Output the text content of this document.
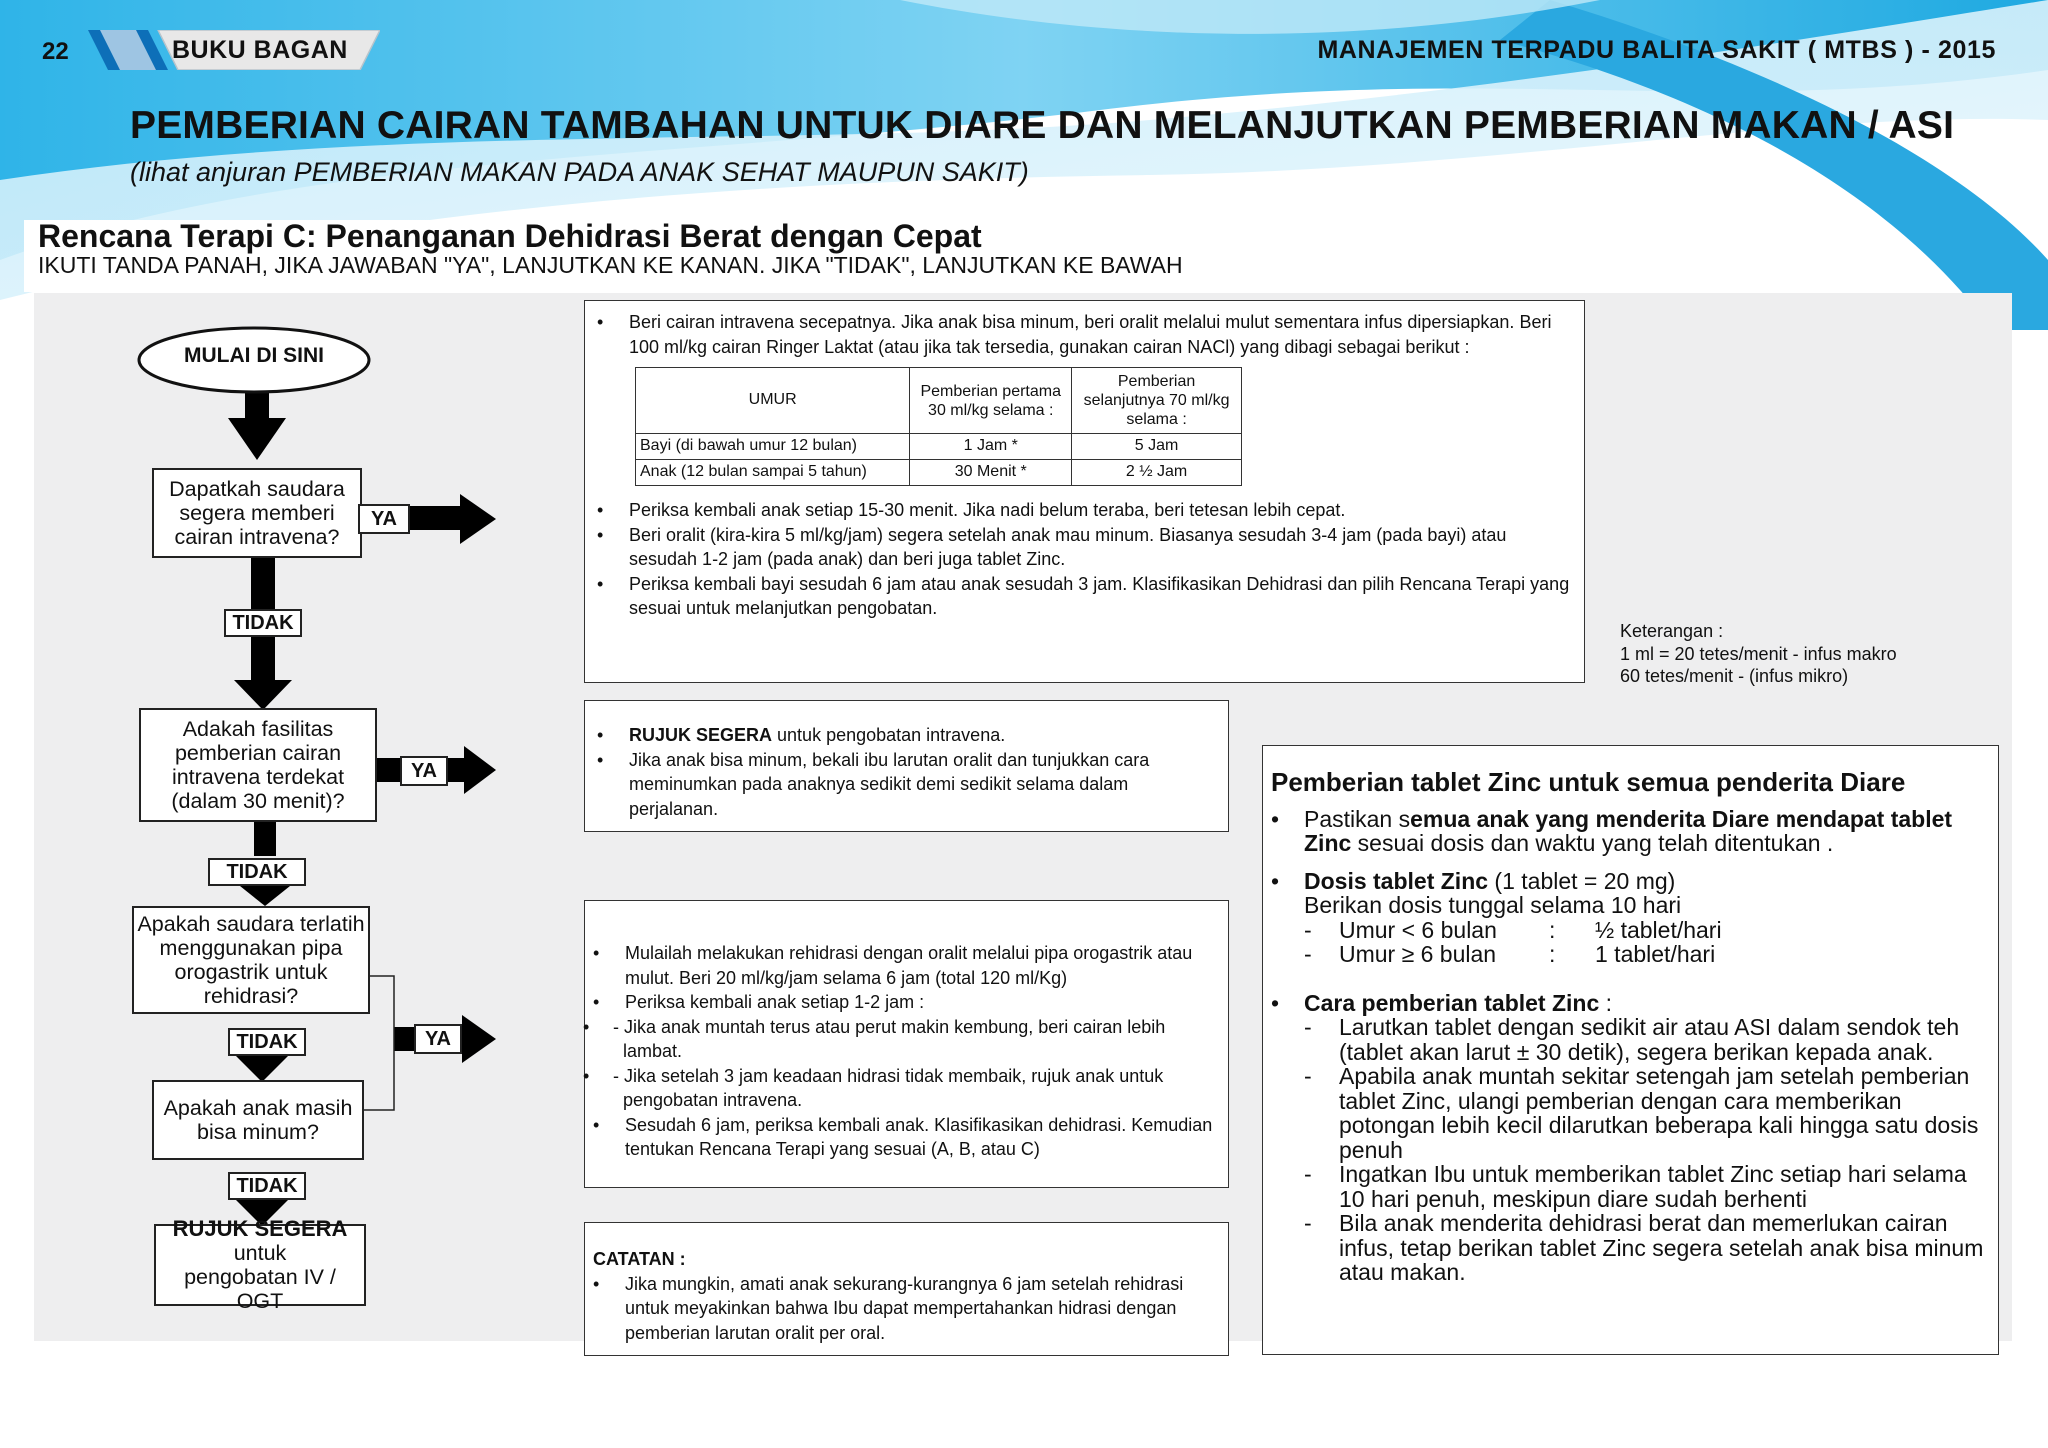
22	BUKU BAGAN	MANAJEMEN TERPADU BALITA SAKIT ( MTBS ) - 2015
PEMBERIAN CAIRAN TAMBAHAN UNTUK DIARE DAN MELANJUTKAN PEMBERIAN MAKAN / ASI
(lihat anjuran PEMBERIAN MAKAN PADA ANAK SEHAT MAUPUN SAKIT)
Rencana Terapi C: Penanganan Dehidrasi Berat dengan Cepat
IKUTI TANDA PANAH, JIKA JAWABAN "YA", LANJUTKAN KE KANAN. JIKA "TIDAK", LANJUTKAN KE BAWAH
MULAI DI SINI
Dapatkah saudara segera memberi cairan intravena?
Adakah fasilitas pemberian cairan intravena terdekat (dalam 30 menit)?
Apakah saudara terlatih menggunakan pipa orogastrik untuk rehidrasi?
Apakah anak masih bisa minum?
RUJUK SEGERA
untuk pengobatan IV / OGT
YA
TIDAK
YA
TIDAK
YA
TIDAK
TIDAK
• Beri cairan intravena secepatnya. Jika anak bisa minum, beri oralit melalui mulut sementara infus dipersiapkan. Beri 100 ml/kg cairan Ringer Laktat (atau jika tak tersedia, gunakan cairan NACl) yang dibagi sebagai berikut :
UMUR	Pemberian pertama 30 ml/kg selama :	Pemberian selanjutnya 70 ml/kg selama :
Bayi (di bawah umur 12 bulan)	1 Jam *	5 Jam
Anak (12 bulan sampai 5 tahun)	30 Menit *	2 ½ Jam
• Periksa kembali anak setiap 15-30 menit. Jika nadi belum teraba, beri tetesan lebih cepat.
• Beri oralit (kira-kira 5 ml/kg/jam) segera setelah anak mau minum. Biasanya sesudah 3-4 jam (pada bayi) atau sesudah 1-2 jam (pada anak) dan beri juga tablet Zinc.
• Periksa kembali bayi sesudah 6 jam atau anak sesudah 3 jam. Klasifikasikan Dehidrasi dan pilih Rencana Terapi yang sesuai untuk melanjutkan pengobatan.
Keterangan :
1 ml = 20 tetes/menit - infus makro
60 tetes/menit - (infus mikro)
• RUJUK SEGERA untuk pengobatan intravena.
• Jika anak bisa minum, bekali ibu larutan oralit dan tunjukkan cara meminumkan pada anaknya sedikit demi sedikit selama dalam perjalanan.
• Mulailah melakukan rehidrasi dengan oralit melalui pipa orogastrik atau mulut. Beri 20 ml/kg/jam selama 6 jam (total 120 ml/Kg)
• Periksa kembali anak setiap 1-2 jam :
• - Jika anak muntah terus atau perut makin kembung, beri cairan lebih lambat.
• - Jika setelah 3 jam keadaan hidrasi tidak membaik, rujuk anak untuk pengobatan intravena.
• Sesudah 6 jam, periksa kembali anak. Klasifikasikan dehidrasi. Kemudian tentukan Rencana Terapi yang sesuai (A, B, atau C)
CATATAN :
• Jika mungkin, amati anak sekurang-kurangnya 6 jam setelah rehidrasi untuk meyakinkan bahwa Ibu dapat mempertahankan hidrasi dengan pemberian larutan oralit per oral.
Pemberian tablet Zinc untuk semua penderita Diare
• Pastikan semua anak yang menderita Diare mendapat tablet Zinc sesuai dosis dan waktu yang telah ditentukan .
• Dosis tablet Zinc (1 tablet = 20 mg)
Berikan dosis tunggal selama 10 hari
-	Umur < 6 bulan	:	½ tablet/hari
-	Umur ≥ 6 bulan	:	1 tablet/hari
• Cara pemberian tablet Zinc :
- Larutkan tablet dengan sedikit air atau ASI dalam sendok teh (tablet akan larut ± 30 detik), segera berikan kepada anak.
- Apabila anak muntah sekitar setengah jam setelah pemberian tablet Zinc, ulangi pemberian dengan cara memberikan potongan lebih kecil dilarutkan beberapa kali hingga satu dosis penuh
- Ingatkan Ibu untuk memberikan tablet Zinc setiap hari selama 10 hari penuh, meskipun diare sudah berhenti
- Bila anak menderita dehidrasi berat dan memerlukan cairan infus, tetap berikan tablet Zinc segera setelah anak bisa minum atau makan.
